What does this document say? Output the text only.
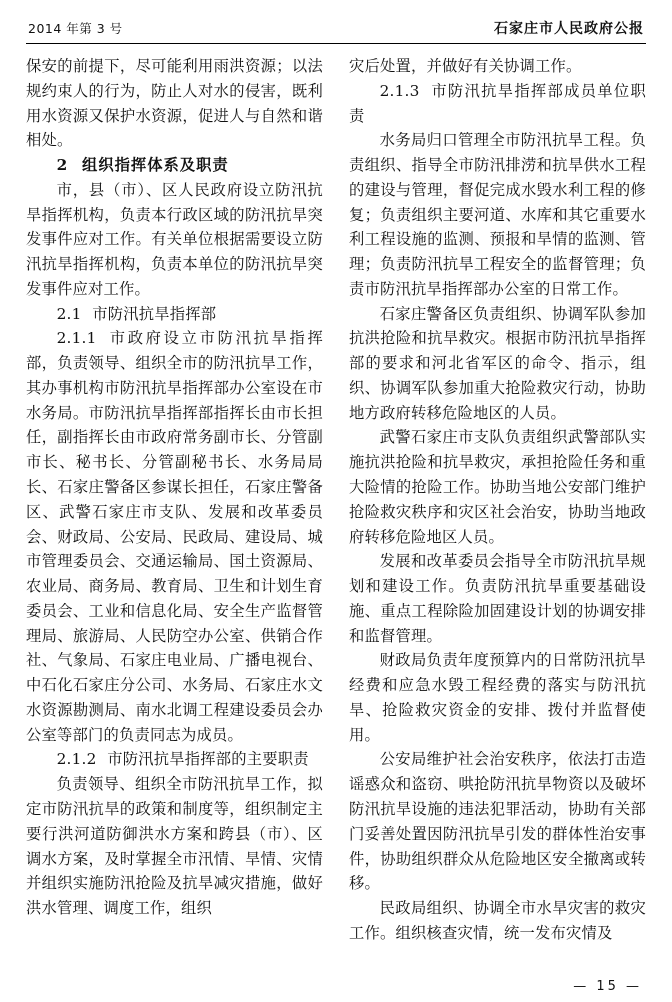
2014 年第 3 号	石家庄市人民政府公报

保安的前提下，尽可能利用雨洪资源；以法规约束人的行为，防止人对水的侵害，既利用水资源又保护水资源，促进人与自然和谐相处。

2 组织指挥体系及职责

市，县（市）、区人民政府设立防汛抗旱指挥机构，负责本行政区域的防汛抗旱突发事件应对工作。有关单位根据需要设立防汛抗旱指挥机构，负责本单位的防汛抗旱突发事件应对工作。

2.1 市防汛抗旱指挥部

2.1.1 市政府设立市防汛抗旱指挥部，负责领导、组织全市的防汛抗旱工作，其办事机构市防汛抗旱指挥部办公室设在市水务局。市防汛抗旱指挥部指挥长由市长担任，副指挥长由市政府常务副市长、分管副市长、秘书长、分管副秘书长、水务局局长、石家庄警备区参谋长担任，石家庄警备区、武警石家庄市支队、发展和改革委员会、财政局、公安局、民政局、建设局、城市管理委员会、交通运输局、国土资源局、农业局、商务局、教育局、卫生和计划生育委员会、工业和信息化局、安全生产监督管理局、旅游局、人民防空办公室、供销合作社、气象局、石家庄电业局、广播电视台、中石化石家庄分公司、水务局、石家庄水文水资源勘测局、南水北调工程建设委员会办公室等部门的负责同志为成员。

2.1.2 市防汛抗旱指挥部的主要职责

负责领导、组织全市防汛抗旱工作，拟定市防汛抗旱的政策和制度等，组织制定主要行洪河道防御洪水方案和跨县（市）、区调水方案，及时掌握全市汛情、旱情、灾情并组织实施防汛抢险及抗旱减灾措施，做好洪水管理、调度工作，组织

灾后处置，并做好有关协调工作。

2.1.3 市防汛抗旱指挥部成员单位职责

水务局归口管理全市防汛抗旱工程。负责组织、指导全市防汛排涝和抗旱供水工程的建设与管理，督促完成水毁水利工程的修复；负责组织主要河道、水库和其它重要水利工程设施的监测、预报和旱情的监测、管理；负责防汛抗旱工程安全的监督管理；负责市防汛抗旱指挥部办公室的日常工作。

石家庄警备区负责组织、协调军队参加抗洪抢险和抗旱救灾。根据市防汛抗旱指挥部的要求和河北省军区的命令、指示，组织、协调军队参加重大抢险救灾行动，协助地方政府转移危险地区的人员。

武警石家庄市支队负责组织武警部队实施抗洪抢险和抗旱救灾，承担抢险任务和重大险情的抢险工作。协助当地公安部门维护抢险救灾秩序和灾区社会治安，协助当地政府转移危险地区人员。

发展和改革委员会指导全市防汛抗旱规划和建设工作。负责防汛抗旱重要基础设施、重点工程除险加固建设计划的协调安排和监督管理。

财政局负责年度预算内的日常防汛抗旱经费和应急水毁工程经费的落实与防汛抗旱、抢险救灾资金的安排、拨付并监督使用。

公安局维护社会治安秩序，依法打击造谣惑众和盗窃、哄抢防汛抗旱物资以及破坏防汛抗旱设施的违法犯罪活动，协助有关部门妥善处置因防汛抗旱引发的群体性治安事件，协助组织群众从危险地区安全撤离或转移。

民政局组织、协调全市水旱灾害的救灾工作。组织核查灾情，统一发布灾情及

— 15 —
